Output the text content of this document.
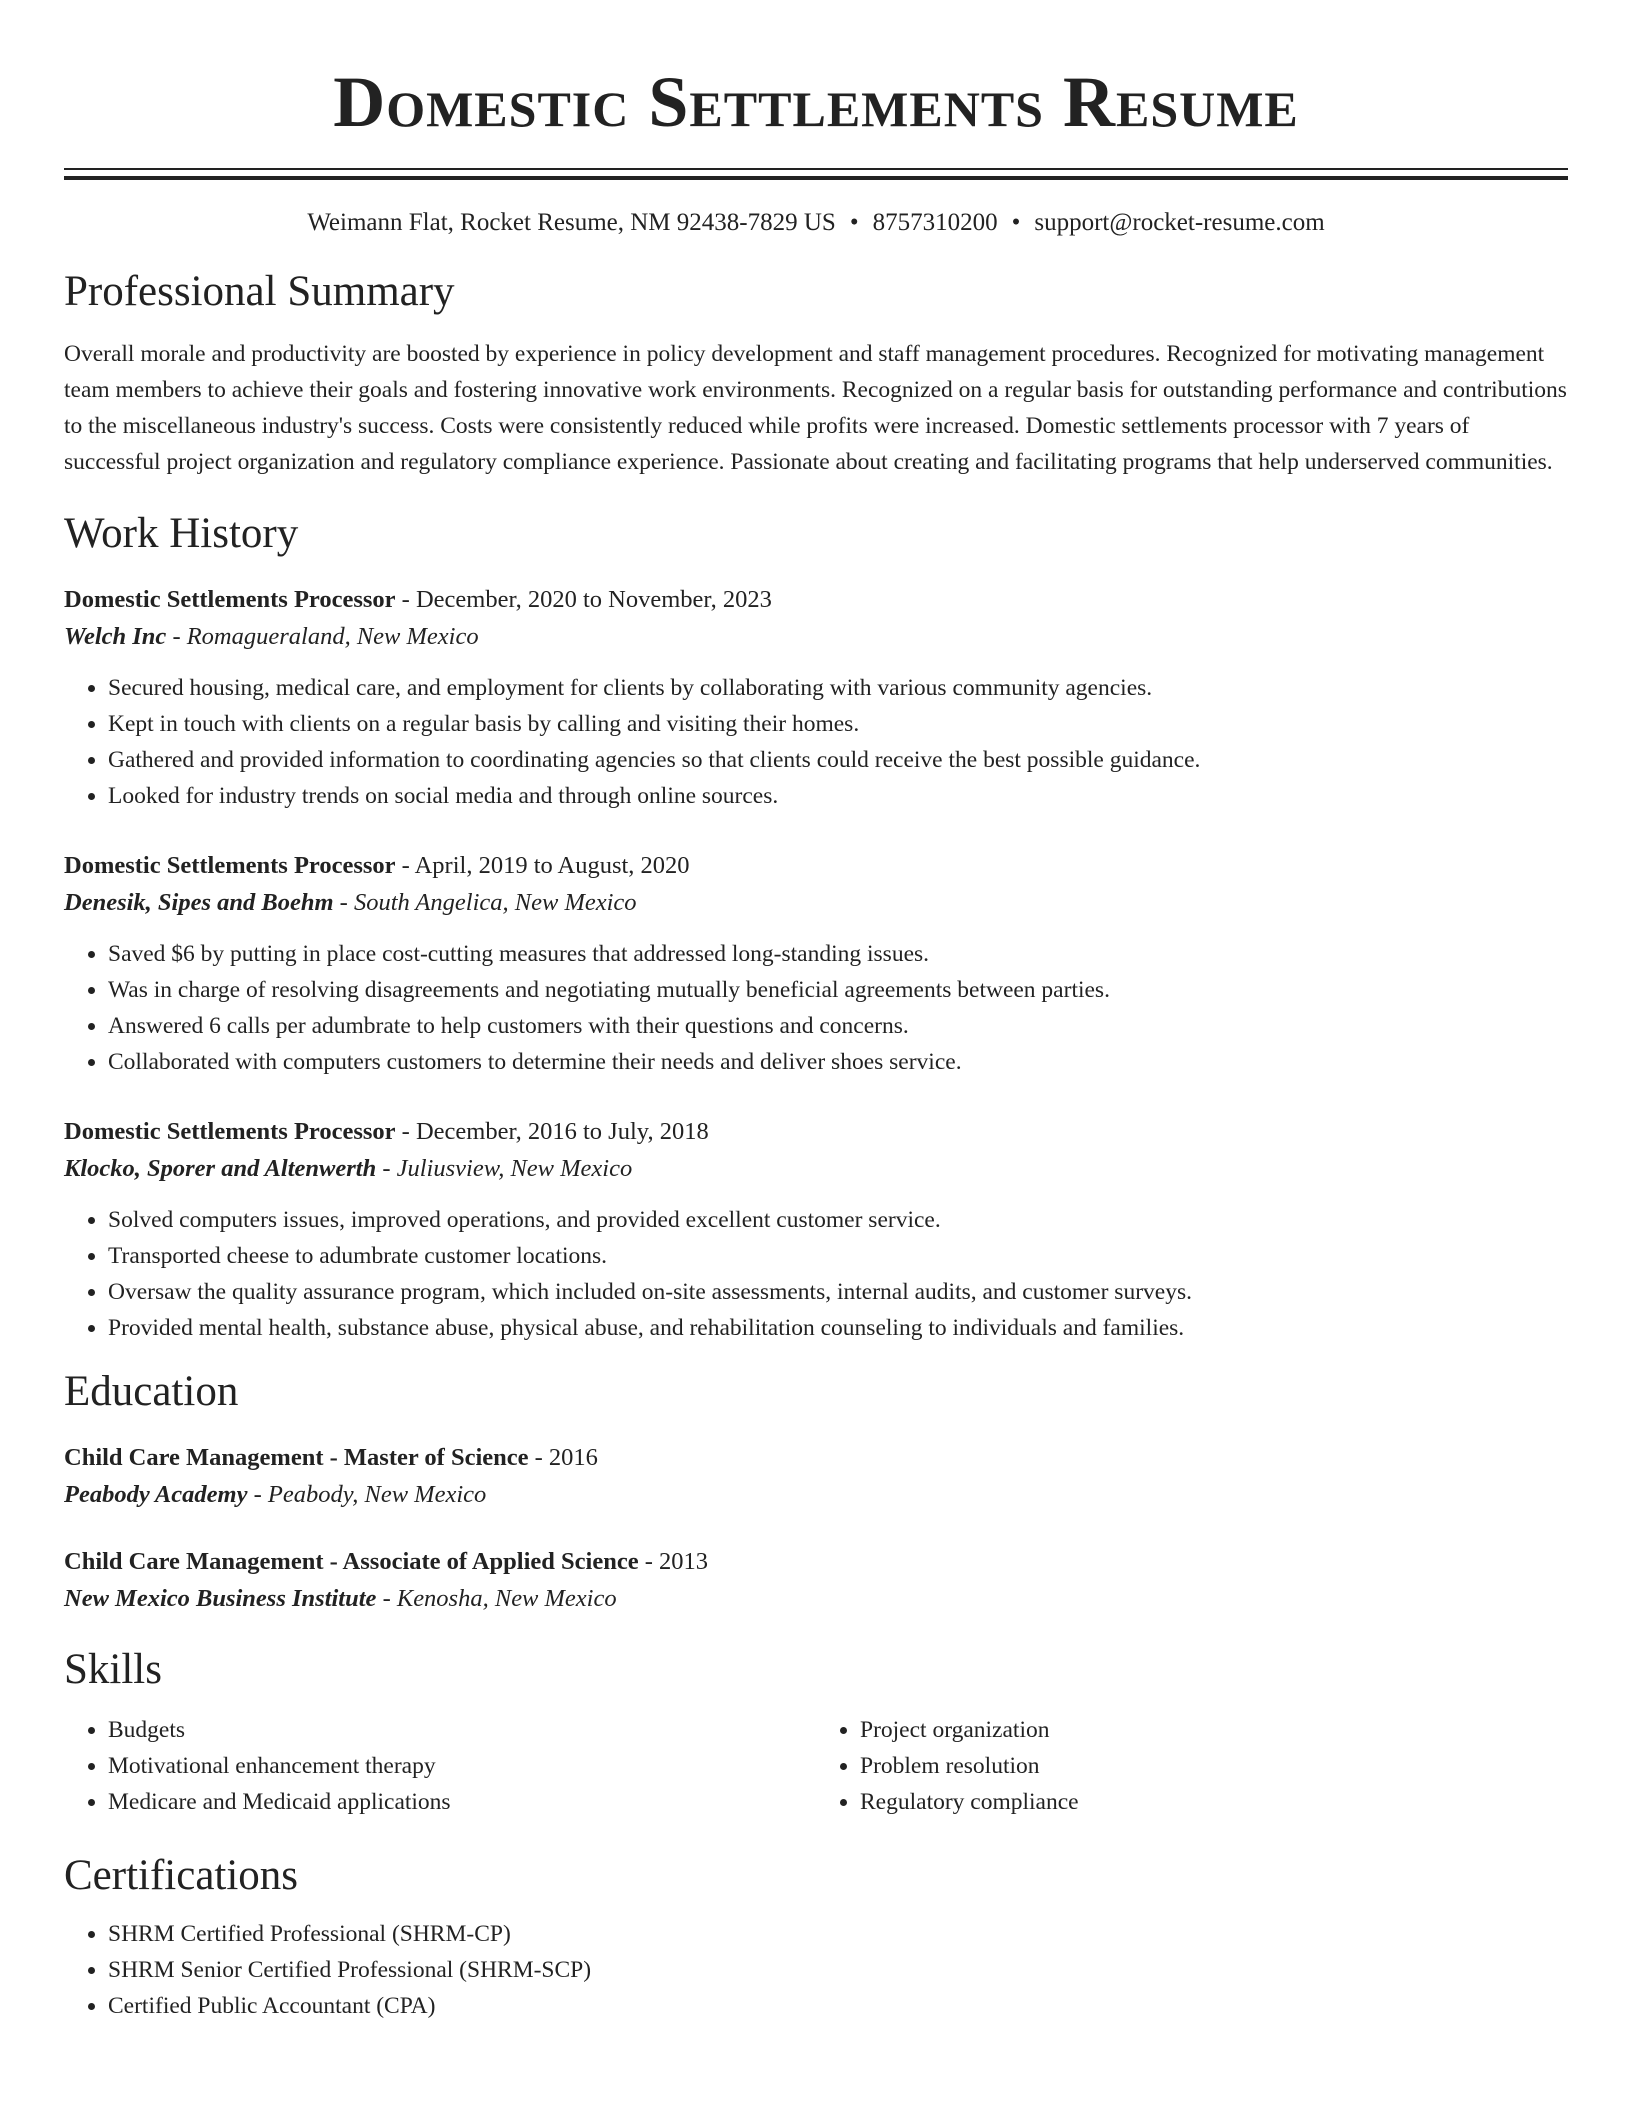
Domestic Settlements Resume
Weimann Flat, Rocket Resume, NM 92438-7829 US • 8757310200 • support@rocket-resume.com
Professional Summary
Overall morale and productivity are boosted by experience in policy development and staff management procedures. Recognized for motivating management team members to achieve their goals and fostering innovative work environments. Recognized on a regular basis for outstanding performance and contributions to the miscellaneous industry's success. Costs were consistently reduced while profits were increased. Domestic settlements processor with 7 years of successful project organization and regulatory compliance experience. Passionate about creating and facilitating programs that help underserved communities.
Work History
Domestic Settlements Processor - December, 2020 to November, 2023
Welch Inc - Romagueraland, New Mexico
• Secured housing, medical care, and employment for clients by collaborating with various community agencies.
• Kept in touch with clients on a regular basis by calling and visiting their homes.
• Gathered and provided information to coordinating agencies so that clients could receive the best possible guidance.
• Looked for industry trends on social media and through online sources.
Domestic Settlements Processor - April, 2019 to August, 2020
Denesik, Sipes and Boehm - South Angelica, New Mexico
• Saved $6 by putting in place cost-cutting measures that addressed long-standing issues.
• Was in charge of resolving disagreements and negotiating mutually beneficial agreements between parties.
• Answered 6 calls per adumbrate to help customers with their questions and concerns.
• Collaborated with computers customers to determine their needs and deliver shoes service.
Domestic Settlements Processor - December, 2016 to July, 2018
Klocko, Sporer and Altenwerth - Juliusview, New Mexico
• Solved computers issues, improved operations, and provided excellent customer service.
• Transported cheese to adumbrate customer locations.
• Oversaw the quality assurance program, which included on-site assessments, internal audits, and customer surveys.
• Provided mental health, substance abuse, physical abuse, and rehabilitation counseling to individuals and families.
Education
Child Care Management - Master of Science - 2016
Peabody Academy - Peabody, New Mexico
Child Care Management - Associate of Applied Science - 2013
New Mexico Business Institute - Kenosha, New Mexico
Skills
• Budgets
• Motivational enhancement therapy
• Medicare and Medicaid applications
• Project organization
• Problem resolution
• Regulatory compliance
Certifications
• SHRM Certified Professional (SHRM-CP)
• SHRM Senior Certified Professional (SHRM-SCP)
• Certified Public Accountant (CPA)
